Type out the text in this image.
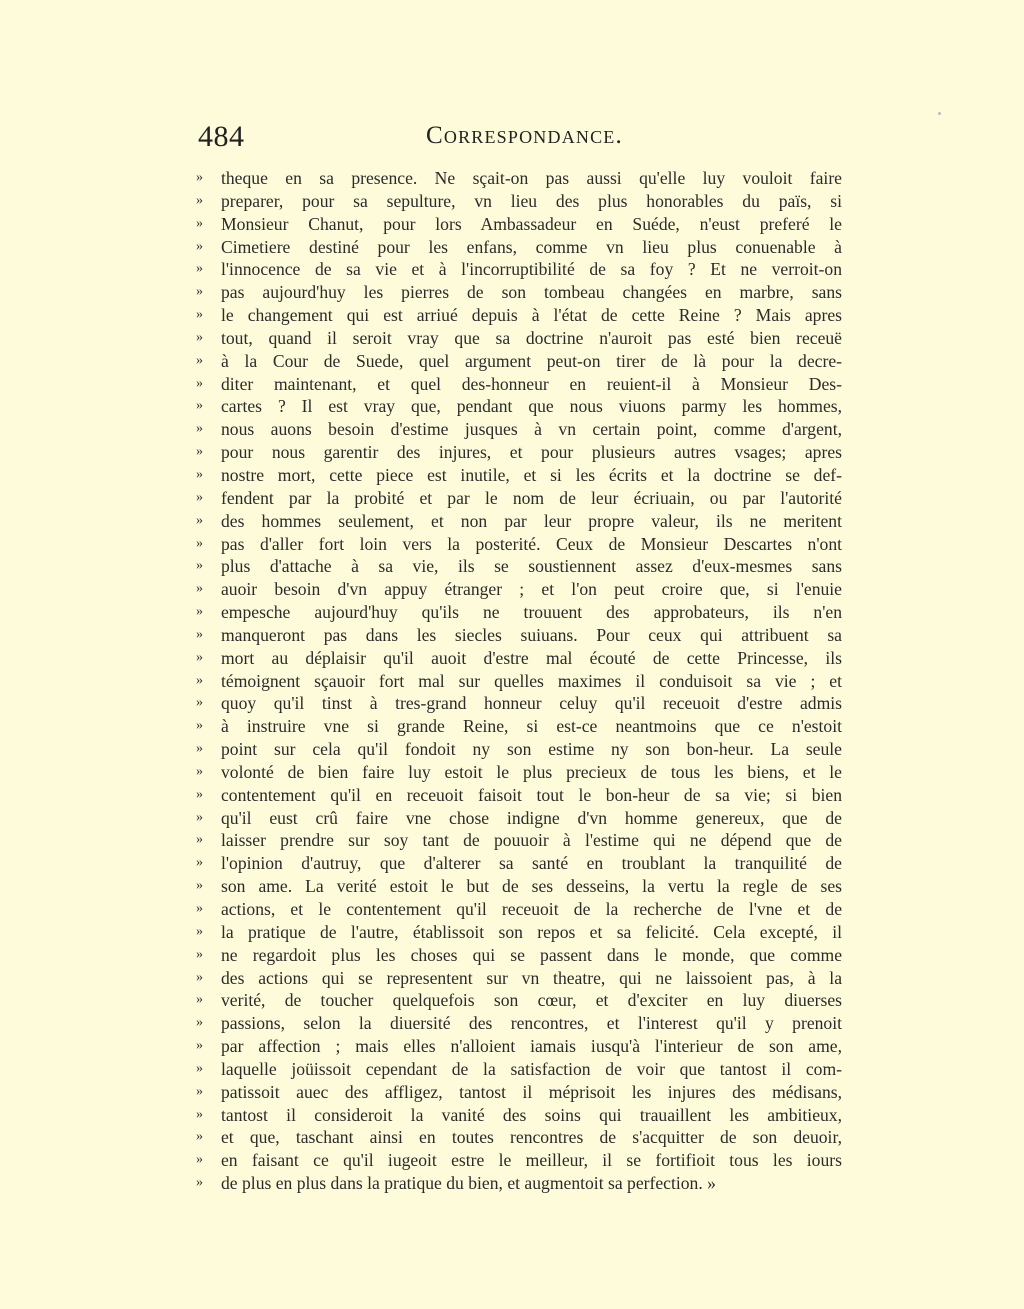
484	Correspondance.
»	theque en sa presence. Ne sçait-on pas aussi qu'elle luy vouloit faire
»	preparer, pour sa sepulture, vn lieu des plus honorables du païs, si
»	Monsieur Chanut, pour lors Ambassadeur en Suéde, n'eust preferé le
»	Cimetiere destiné pour les enfans, comme vn lieu plus conuenable à
»	l'innocence de sa vie et à l'incorruptibilité de sa foy ? Et ne verroit-on
»	pas aujourd'huy les pierres de son tombeau changées en marbre, sans
»	le changement qui est arriué depuis à l'état de cette Reine ? Mais apres
»	tout, quand il seroit vray que sa doctrine n'auroit pas esté bien receuë
»	à la Cour de Suede, quel argument peut-on tirer de là pour la decre-
»	diter maintenant, et quel des-honneur en reuient-il à Monsieur Des-
»	cartes ? Il est vray que, pendant que nous viuons parmy les hommes,
»	nous auons besoin d'estime jusques à vn certain point, comme d'argent,
»	pour nous garentir des injures, et pour plusieurs autres vsages; apres
»	nostre mort, cette piece est inutile, et si les écrits et la doctrine se def-
»	fendent par la probité et par le nom de leur écriuain, ou par l'autorité
»	des hommes seulement, et non par leur propre valeur, ils ne meritent
»	pas d'aller fort loin vers la posterité. Ceux de Monsieur Descartes n'ont
»	plus d'attache à sa vie, ils se soustiennent assez d'eux-mesmes sans
»	auoir besoin d'vn appuy étranger ; et l'on peut croire que, si l'enuie
»	empesche aujourd'huy qu'ils ne trouuent des approbateurs, ils n'en
»	manqueront pas dans les siecles suiuans. Pour ceux qui attribuent sa
»	mort au déplaisir qu'il auoit d'estre mal écouté de cette Princesse, ils
»	témoignent sçauoir fort mal sur quelles maximes il conduisoit sa vie ; et
»	quoy qu'il tinst à tres-grand honneur celuy qu'il receuoit d'estre admis
»	à instruire vne si grande Reine, si est-ce neantmoins que ce n'estoit
»	point sur cela qu'il fondoit ny son estime ny son bon-heur. La seule
»	volonté de bien faire luy estoit le plus precieux de tous les biens, et le
»	contentement qu'il en receuoit faisoit tout le bon-heur de sa vie; si bien
»	qu'il eust crû faire vne chose indigne d'vn homme genereux, que de
»	laisser prendre sur soy tant de pouuoir à l'estime qui ne dépend que de
»	l'opinion d'autruy, que d'alterer sa santé en troublant la tranquilité de
»	son ame. La verité estoit le but de ses desseins, la vertu la regle de ses
»	actions, et le contentement qu'il receuoit de la recherche de l'vne et de
»	la pratique de l'autre, établissoit son repos et sa felicité. Cela excepté, il
»	ne regardoit plus les choses qui se passent dans le monde, que comme
»	des actions qui se representent sur vn theatre, qui ne laissoient pas, à la
»	verité, de toucher quelquefois son cœur, et d'exciter en luy diuerses
»	passions, selon la diuersité des rencontres, et l'interest qu'il y prenoit
»	par affection ; mais elles n'alloient iamais iusqu'à l'interieur de son ame,
»	laquelle joüissoit cependant de la satisfaction de voir que tantost il com-
»	patissoit auec des affligez, tantost il méprisoit les injures des médisans,
»	tantost il consideroit la vanité des soins qui trauaillent les ambitieux,
»	et que, taschant ainsi en toutes rencontres de s'acquitter de son deuoir,
»	en faisant ce qu'il iugeoit estre le meilleur, il se fortifioit tous les iours
»	de plus en plus dans la pratique du bien, et augmentoit sa perfection. »
